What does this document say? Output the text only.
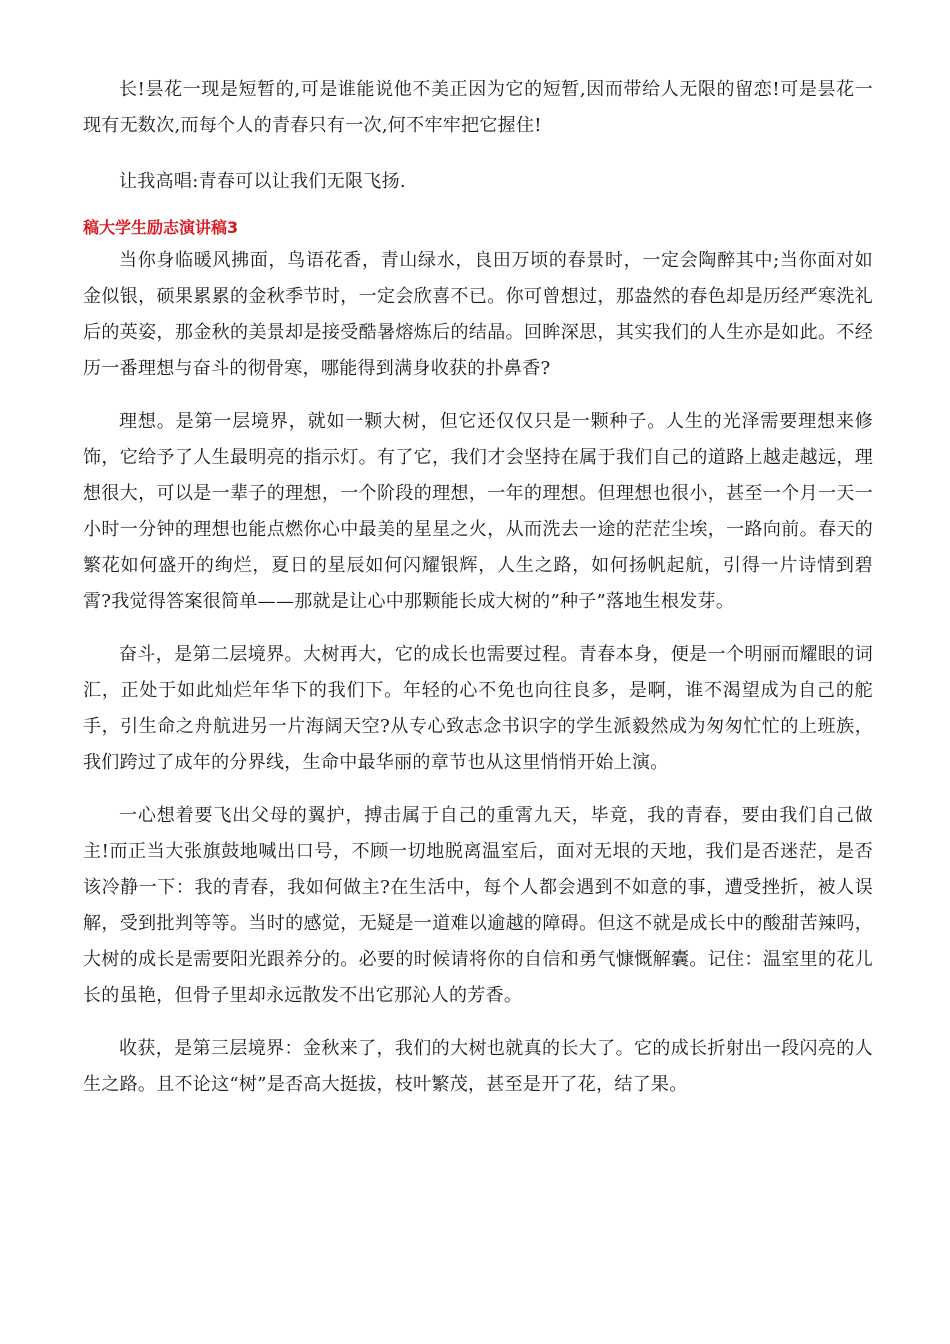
长!昙花一现是短暂的,可是谁能说他不美正因为它的短暂,因而带给人无限的留恋!可是昙花一现有无数次,而每个人的青春只有一次,何不牢牢把它握住!

让我高唱:青春可以让我们无限飞扬.

稿大学生励志演讲稿3

当你身临暖风拂面，鸟语花香，青山绿水，良田万顷的春景时，一定会陶醉其中;当你面对如金似银，硕果累累的金秋季节时，一定会欣喜不已。你可曾想过，那盎然的春色却是历经严寒洗礼后的英姿，那金秋的美景却是接受酷暑熔炼后的结晶。回眸深思，其实我们的人生亦是如此。不经历一番理想与奋斗的彻骨寒，哪能得到满身收获的扑鼻香?

理想。是第一层境界，就如一颗大树，但它还仅仅只是一颗种子。人生的光泽需要理想来修饰，它给予了人生最明亮的指示灯。有了它，我们才会坚持在属于我们自己的道路上越走越远，理想很大，可以是一辈子的理想，一个阶段的理想，一年的理想。但理想也很小，甚至一个月一天一小时一分钟的理想也能点燃你心中最美的星星之火，从而洗去一途的茫茫尘埃，一路向前。春天的繁花如何盛开的绚烂，夏日的星辰如何闪耀银辉，人生之路，如何扬帆起航，引得一片诗情到碧霄?我觉得答案很简单——那就是让心中那颗能长成大树的”种子”落地生根发芽。

奋斗，是第二层境界。大树再大，它的成长也需要过程。青春本身，便是一个明丽而耀眼的词汇，正处于如此灿烂年华下的我们下。年轻的心不免也向往良多，是啊，谁不渴望成为自己的舵手，引生命之舟航进另一片海阔天空?从专心致志念书识字的学生派毅然成为匆匆忙忙的上班族，我们跨过了成年的分界线，生命中最华丽的章节也从这里悄悄开始上演。

一心想着要飞出父母的翼护，搏击属于自己的重霄九天，毕竟，我的青春，要由我们自己做主!而正当大张旗鼓地喊出口号，不顾一切地脱离温室后，面对无垠的天地，我们是否迷茫，是否该冷静一下：我的青春，我如何做主?在生活中，每个人都会遇到不如意的事，遭受挫折，被人误解，受到批判等等。当时的感觉，无疑是一道难以逾越的障碍。但这不就是成长中的酸甜苦辣吗，大树的成长是需要阳光跟养分的。必要的时候请将你的自信和勇气慷慨解囊。记住：温室里的花儿长的虽艳，但骨子里却永远散发不出它那沁人的芳香。

收获，是第三层境界：金秋来了，我们的大树也就真的长大了。它的成长折射出一段闪亮的人生之路。且不论这“树”是否高大挺拔，枝叶繁茂，甚至是开了花，结了果。
